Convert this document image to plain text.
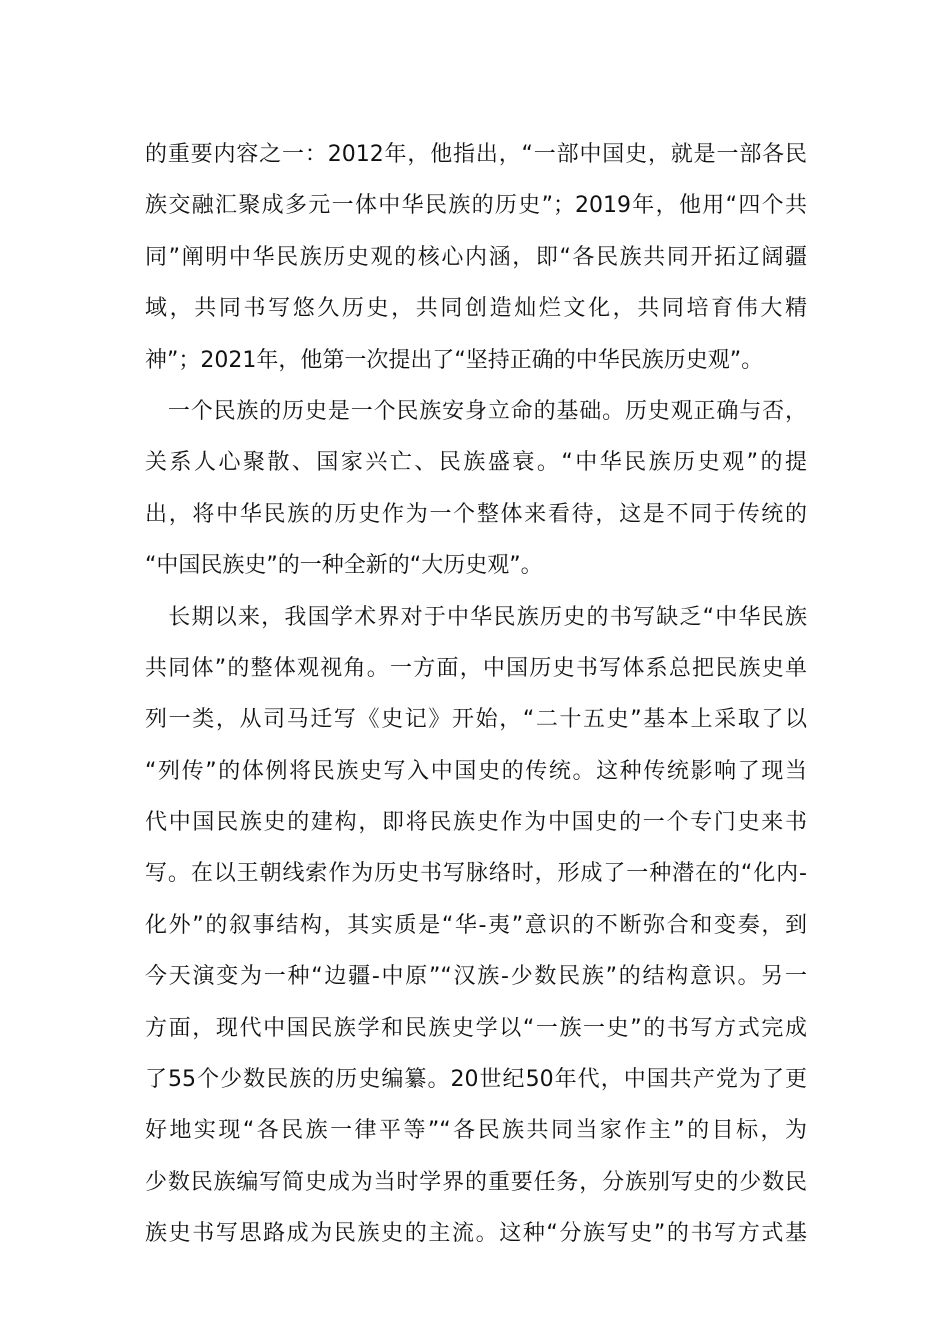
的重要内容之一：2012年，他指出，“一部中国史，就是一部各民
族交融汇聚成多元一体中华民族的历史”；2019年，他用“四个共
同”阐明中华民族历史观的核心内涵，即“各民族共同开拓辽阔疆
域，共同书写悠久历史，共同创造灿烂文化，共同培育伟大精
神”；2021年，他第一次提出了“坚持正确的中华民族历史观”。
　一个民族的历史是一个民族安身立命的基础。历史观正确与否，
关系人心聚散、国家兴亡、民族盛衰。“中华民族历史观”的提
出，将中华民族的历史作为一个整体来看待，这是不同于传统的
“中国民族史”的一种全新的“大历史观”。
　长期以来，我国学术界对于中华民族历史的书写缺乏“中华民族
共同体”的整体观视角。一方面，中国历史书写体系总把民族史单
列一类，从司马迁写《史记》开始，“二十五史”基本上采取了以
“列传”的体例将民族史写入中国史的传统。这种传统影响了现当
代中国民族史的建构，即将民族史作为中国史的一个专门史来书
写。在以王朝线索作为历史书写脉络时，形成了一种潜在的“化内-
化外”的叙事结构，其实质是“华-夷”意识的不断弥合和变奏，到
今天演变为一种“边疆-中原”“汉族-少数民族”的结构意识。另一
方面，现代中国民族学和民族史学以“一族一史”的书写方式完成
了55个少数民族的历史编纂。20世纪50年代，中国共产党为了更
好地实现“各民族一律平等”“各民族共同当家作主”的目标，为
少数民族编写简史成为当时学界的重要任务，分族别写史的少数民
族史书写思路成为民族史的主流。这种“分族写史”的书写方式基
